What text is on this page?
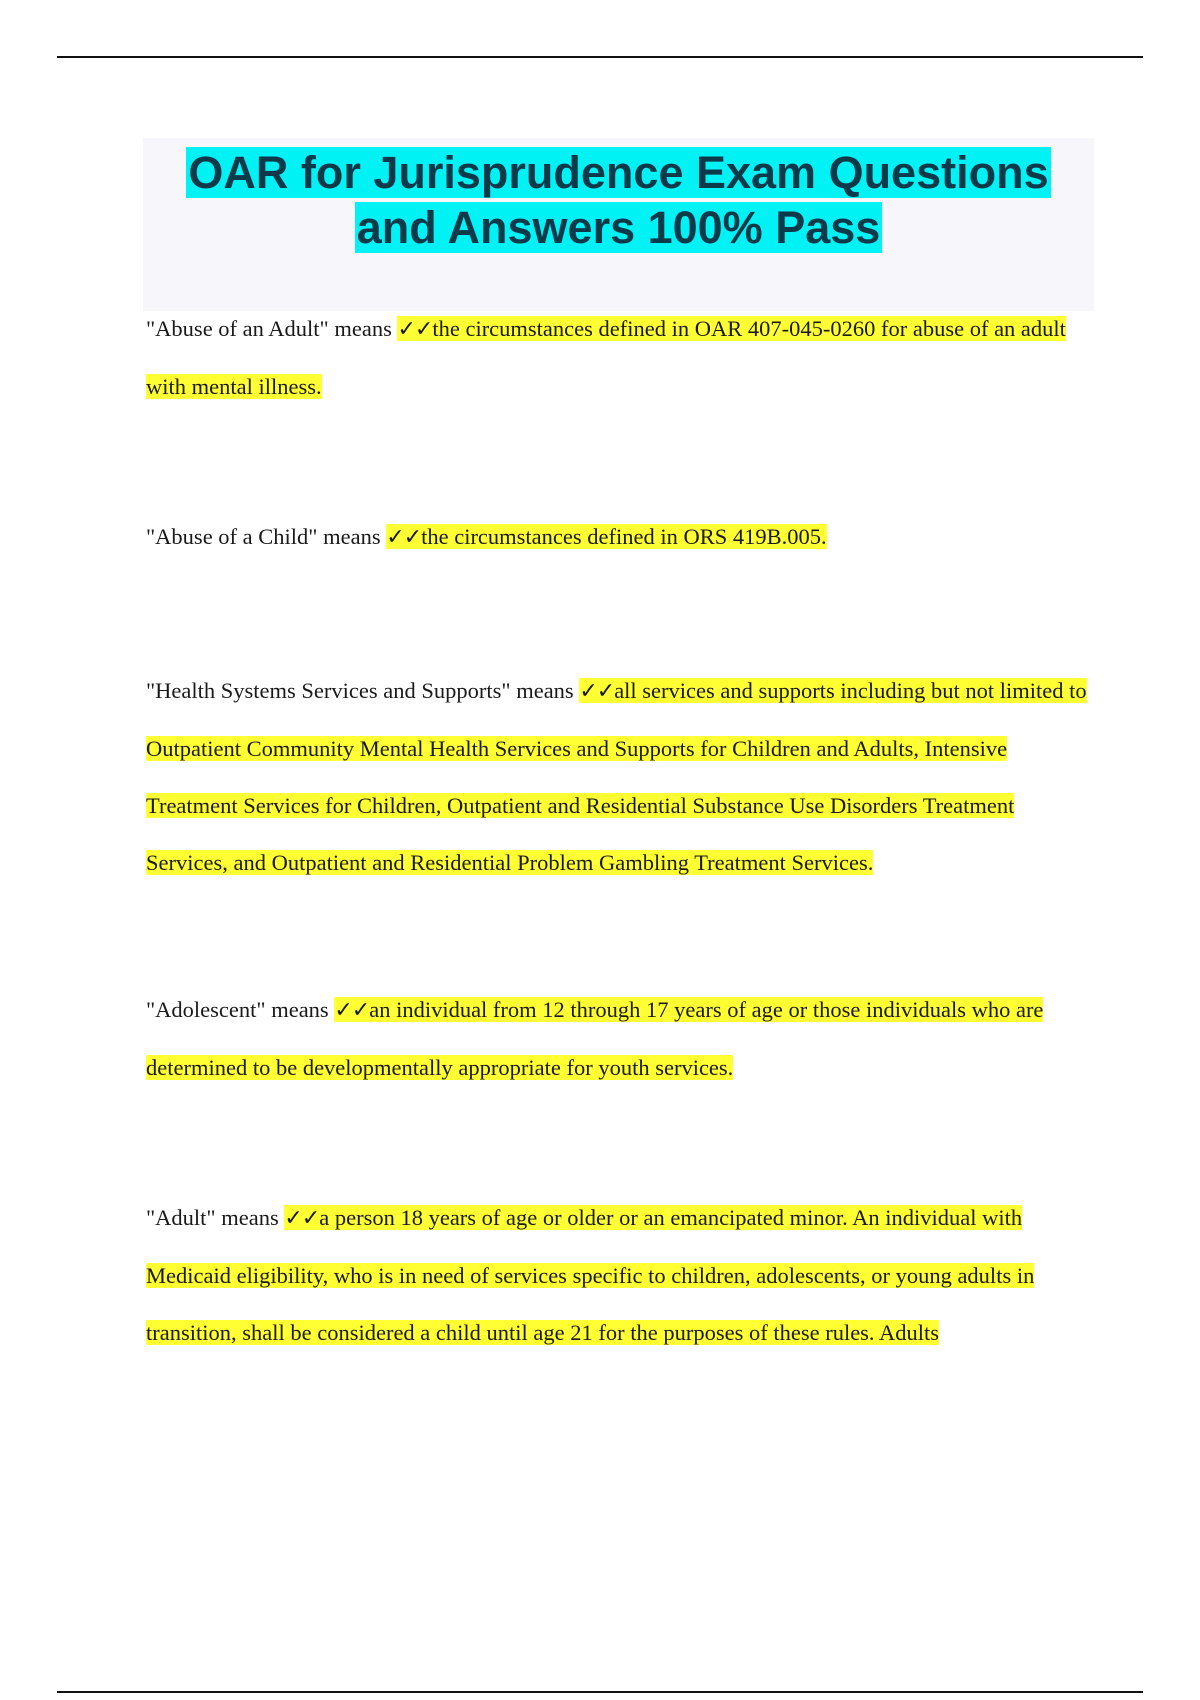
OAR for Jurisprudence Exam Questions
and Answers 100% Pass

"Abuse of an Adult" means ✓✓the circumstances defined in OAR 407-045-0260 for abuse of an adult with mental illness.

"Abuse of a Child" means ✓✓the circumstances defined in ORS 419B.005.

"Health Systems Services and Supports" means ✓✓all services and supports including but not limited to Outpatient Community Mental Health Services and Supports for Children and Adults, Intensive Treatment Services for Children, Outpatient and Residential Substance Use Disorders Treatment Services, and Outpatient and Residential Problem Gambling Treatment Services.

"Adolescent" means ✓✓an individual from 12 through 17 years of age or those individuals who are determined to be developmentally appropriate for youth services.

"Adult" means ✓✓a person 18 years of age or older or an emancipated minor. An individual with Medicaid eligibility, who is in need of services specific to children, adolescents, or young adults in transition, shall be considered a child until age 21 for the purposes of these rules. Adults
